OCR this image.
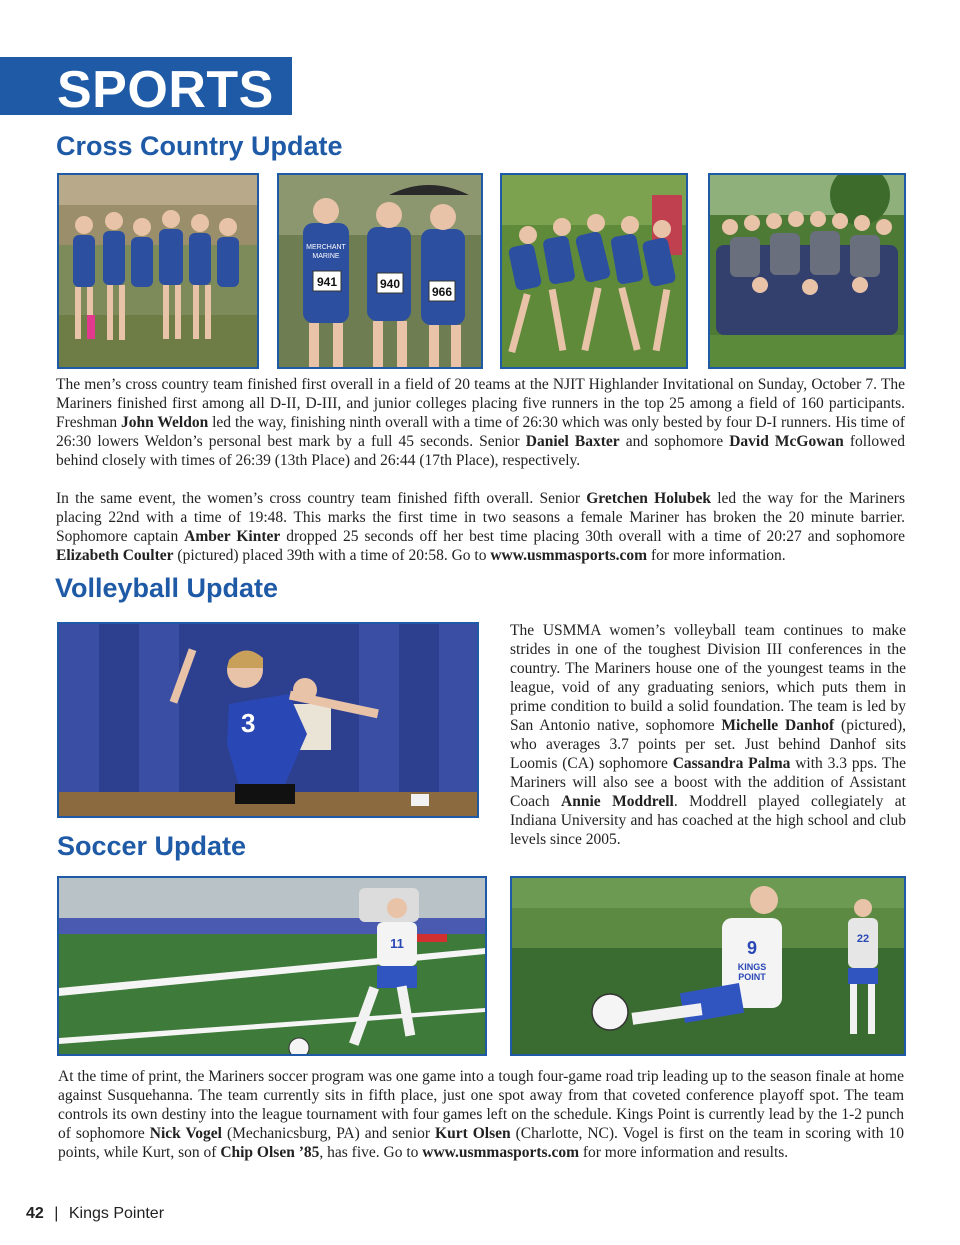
SPORTS
Cross Country Update
941	940
966
MERCHANT
MARINE

The men’s cross country team finished first overall in a field of 20 teams at the NJIT Highlander Invitational on Sunday, October 7. The Mariners finished first among all D-II, D-III, and junior colleges placing five runners in the top 25 among a field of 160 participants. Freshman John Weldon led the way, finishing ninth overall with a time of 26:30 which was only bested by four D-I runners. His time of 26:30 lowers Weldon’s personal best mark by a full 45 seconds. Senior Daniel Baxter and sophomore David McGowan followed behind closely with times of 26:39 (13th Place) and 26:44 (17th Place), respectively.

In the same event, the women’s cross country team finished fifth overall. Senior Gretchen Holubek led the way for the Mariners placing 22nd with a time of 19:48. This marks the first time in two seasons a female Mariner has broken the 20 minute barrier. Sophomore captain Amber Kinter dropped 25 seconds off her best time placing 30th overall with a time of 20:27 and sophomore Elizabeth Coulter (pictured) placed 39th with a time of 20:58. Go to www.usmmasports.com for more information.

Volleyball Update
3

The USMMA women’s volleyball team continues to make strides in one of the toughest Division III conferences in the country. The Mariners house one of the youngest teams in the league, void of any graduating seniors, which puts them in prime condition to build a solid foundation. The team is led by San Antonio native, sophomore Michelle Danhof (pictured), who averages 3.7 points per set. Just behind Danhof sits Loomis (CA) sophomore Cassandra Palma with 3.3 pps. The Mariners will also see a boost with the addition of Assistant Coach Annie Moddrell. Moddrell played collegiately at Indiana University and has coached at the high school and club levels since 2005.

Soccer Update
11	9
KINGS
POINT
22

At the time of print, the Mariners soccer program was one game into a tough four-game road trip leading up to the season finale at home against Susquehanna. The team currently sits in fifth place, just one spot away from that coveted conference playoff spot. The team controls its own destiny into the league tournament with four games left on the schedule. Kings Point is currently lead by the 1-2 punch of sophomore Nick Vogel (Mechanicsburg, PA) and senior Kurt Olsen (Charlotte, NC). Vogel is first on the team in scoring with 10 points, while Kurt, son of Chip Olsen ’85, has five. Go to www.usmmasports.com for more information and results.

42 | Kings Pointer
